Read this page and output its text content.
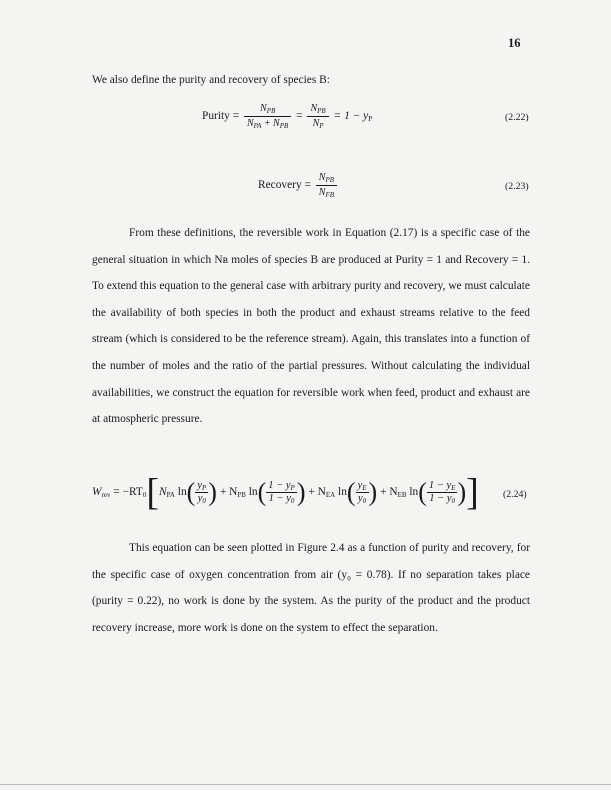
16
We also define the purity and recovery of species B:
Purity = $\frac{N_{PB}}{N_{PA} + N_{PB}} = \frac{N_{PB}}{N_P} = 1 - y_P$	(2.22)
Recovery = $\frac{N_{PB}}{N_{FB}}$	(2.23)

From these definitions, the reversible work in Equation (2.17) is a specific case of the general situation in which Nʙ moles of species B are produced at Purity = 1 and Recovery = 1. To extend this equation to the general case with arbitrary purity and recovery, we must calculate the availability of both species in both the product and exhaust streams relative to the feed stream (which is considered to be the reference stream). Again, this translates into a function of the number of moles and the ratio of the partial pressures. Without calculating the individual availabilities, we construct the equation for reversible work when feed, product and exhaust are at atmospheric pressure.

$W_{rev} = -RT_0[N_{PA}$ $\ln( \frac{y_P}{y_0}$ ) + $N_{PB}$ $\ln( \frac{1 - y_P}{1 - y_0}$ ) + $N_{EA}$ $\ln( \frac{y_E}{y_0}$ ) + $N_{EB}$ $\ln( \frac{1 - y_E}{1 - y_0}$ )] (2.24)

This equation can be seen plotted in Figure 2.4 as a function of purity and recovery, for the specific case of oxygen concentration from air (y₀ = 0.78). If no separation takes place (purity = 0.22), no work is done by the system. As the purity of the product and the product recovery increase, more work is done on the system to effect the separation.
